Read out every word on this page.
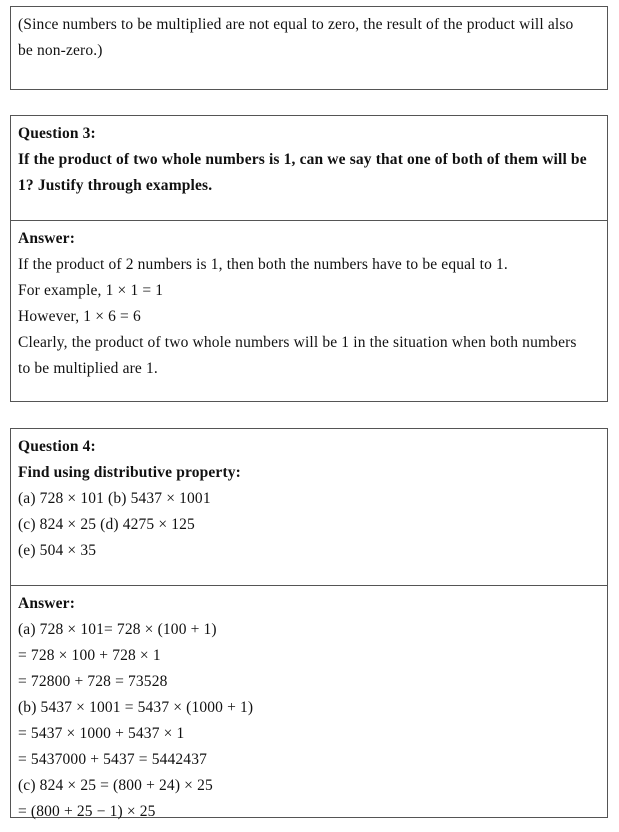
(Since numbers to be multiplied are not equal to zero, the result of the product will also
be non-zero.)
Question 3:
If the product of two whole numbers is 1, can we say that one of both of them will be
1? Justify through examples.
Answer:
If the product of 2 numbers is 1, then both the numbers have to be equal to 1.
For example, 1 × 1 = 1
However, 1 × 6 = 6
Clearly, the product of two whole numbers will be 1 in the situation when both numbers
to be multiplied are 1.
Question 4:
Find using distributive property:
(a) 728 × 101 (b) 5437 × 1001
(c) 824 × 25 (d) 4275 × 125
(e) 504 × 35
Answer:
(a) 728 × 101= 728 × (100 + 1)
= 728 × 100 + 728 × 1
= 72800 + 728 = 73528
(b) 5437 × 1001 = 5437 × (1000 + 1)
= 5437 × 1000 + 5437 × 1
= 5437000 + 5437 = 5442437
(c) 824 × 25 = (800 + 24) × 25
= (800 + 25 − 1) × 25
